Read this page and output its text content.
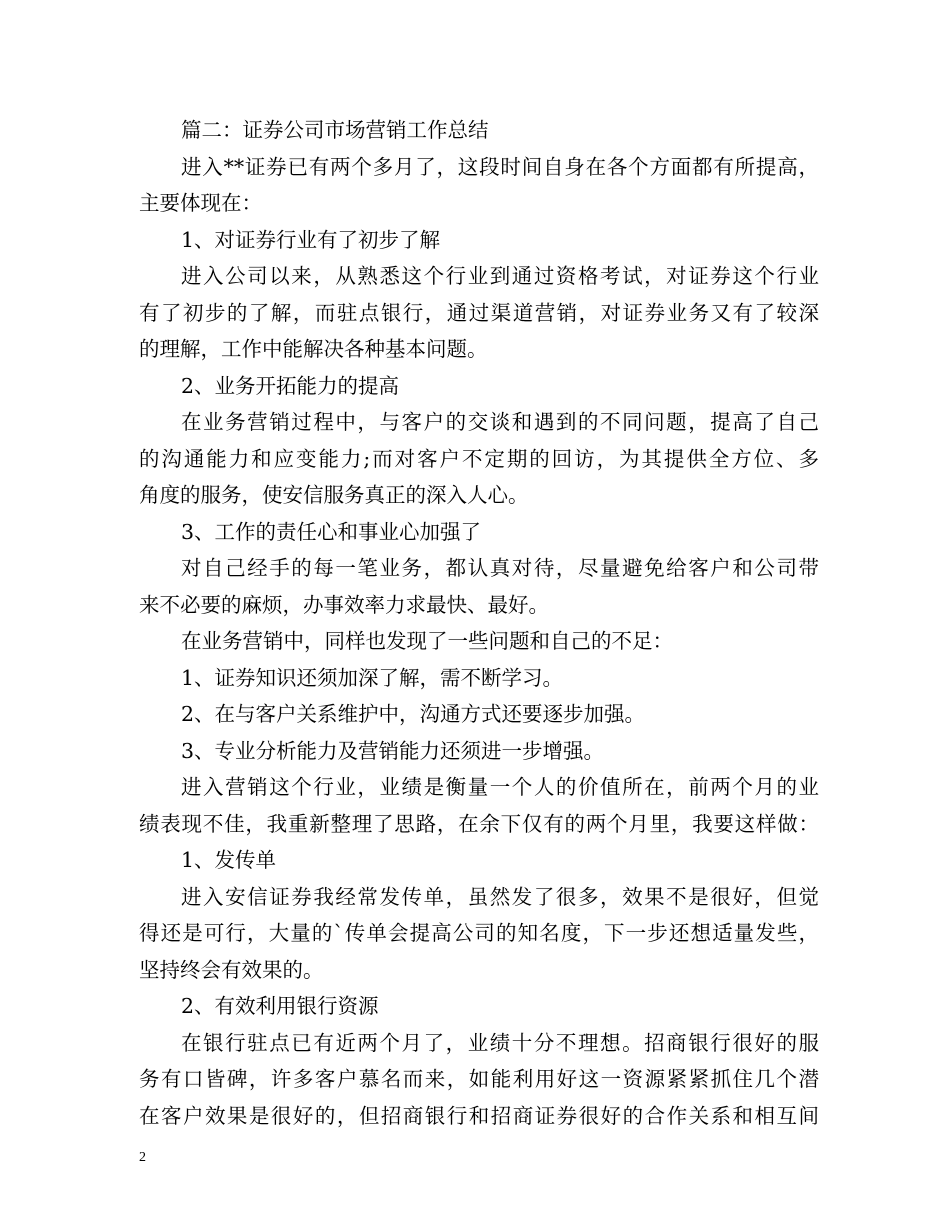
篇二：证券公司市场营销工作总结
进入**证券已有两个多月了，这段时间自身在各个方面都有所提高，
主要体现在：
1、对证券行业有了初步了解
进入公司以来，从熟悉这个行业到通过资格考试，对证券这个行业
有了初步的了解，而驻点银行，通过渠道营销，对证券业务又有了较深
的理解，工作中能解决各种基本问题。
2、业务开拓能力的提高
在业务营销过程中，与客户的交谈和遇到的不同问题，提高了自己
的沟通能力和应变能力;而对客户不定期的回访，为其提供全方位、多
角度的服务，使安信服务真正的深入人心。
3、工作的责任心和事业心加强了
对自己经手的每一笔业务，都认真对待，尽量避免给客户和公司带
来不必要的麻烦，办事效率力求最快、最好。
在业务营销中，同样也发现了一些问题和自己的不足：
1、证券知识还须加深了解，需不断学习。
2、在与客户关系维护中，沟通方式还要逐步加强。
3、专业分析能力及营销能力还须进一步增强。
进入营销这个行业，业绩是衡量一个人的价值所在，前两个月的业
绩表现不佳，我重新整理了思路，在余下仅有的两个月里，我要这样做：
1、发传单
进入安信证券我经常发传单，虽然发了很多，效果不是很好，但觉
得还是可行，大量的`传单会提高公司的知名度，下一步还想适量发些，
坚持终会有效果的。
2、有效利用银行资源
在银行驻点已有近两个月了，业绩十分不理想。招商银行很好的服
务有口皆碑，许多客户慕名而来，如能利用好这一资源紧紧抓住几个潜
在客户效果是很好的，但招商银行和招商证券很好的合作关系和相互间
2
